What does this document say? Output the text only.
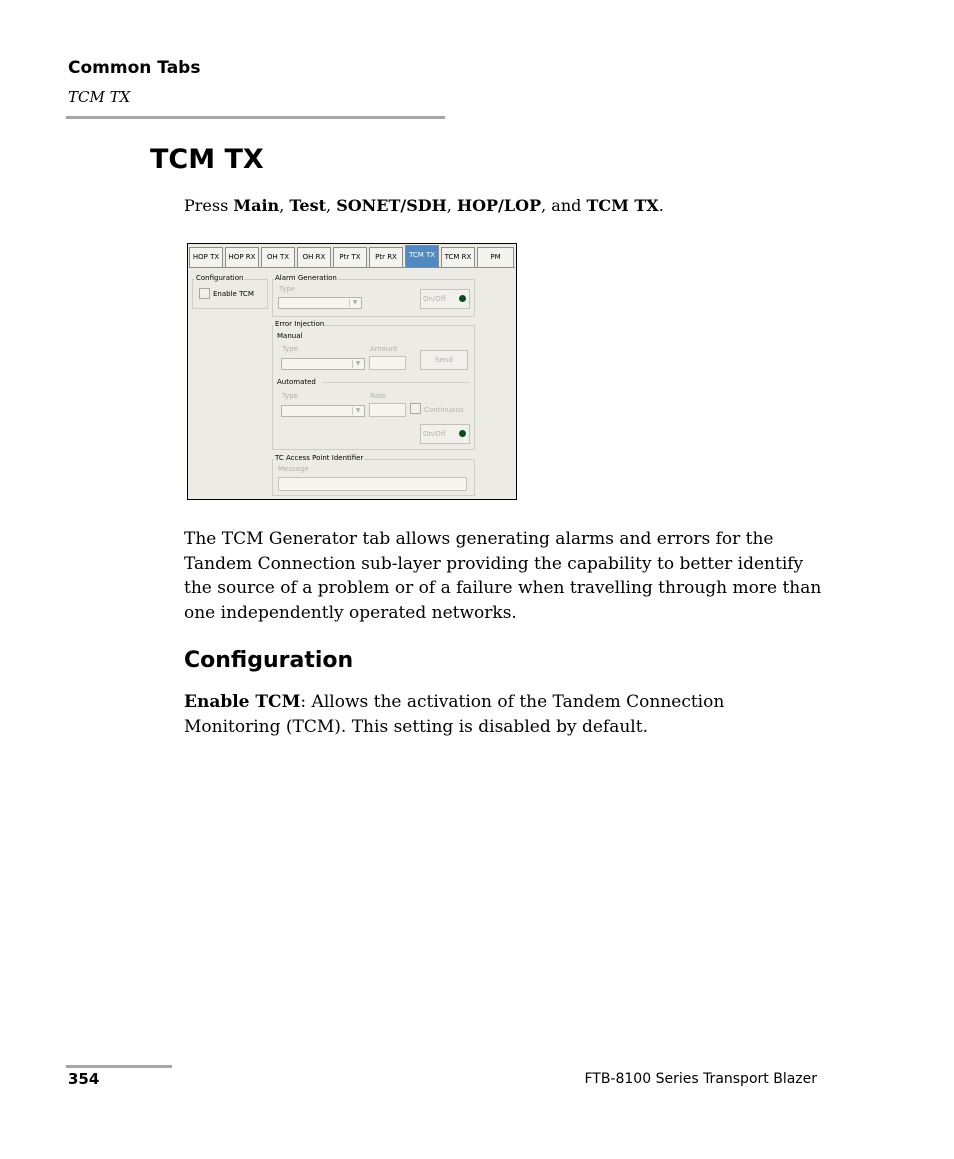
Common Tabs
TCM TX
TCM TX
Press Main, Test, SONET/SDH, HOP/LOP, and TCM TX.
HOP TX	HOP RX	OH TX	OH RX	Ptr TX	Ptr RX	TCM TX	TCM RX	PM
Configuration
Enable TCM
Alarm Generation
Type
▼	On/Off
Error Injection
Manual
Type	Amount
▼	Send
Automated
Type	Rate
▼	Continuous
On/Off
TC Access Point Identifier
Message
The TCM Generator tab allows generating alarms and errors for the Tandem Connection sub-layer providing the capability to better identify the source of a problem or of a failure when travelling through more than one independently operated networks.
Configuration
Enable TCM: Allows the activation of the Tandem Connection Monitoring (TCM). This setting is disabled by default.
354	FTB-8100 Series Transport Blazer
